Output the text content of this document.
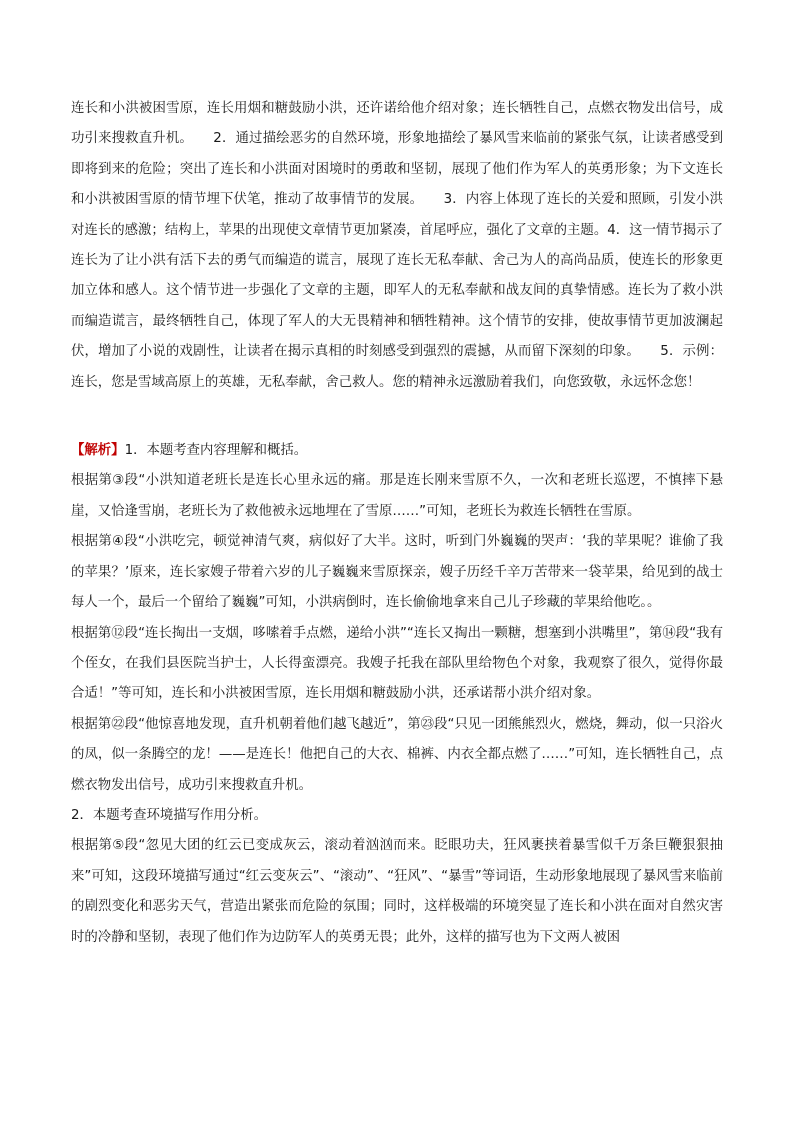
连长和小洪被困雪原，连长用烟和糖鼓励小洪，还许诺给他介绍对象；连长牺牲自己，点燃衣物发出信号，成功引来搜救直升机。　　2．通过描绘恶劣的自然环境，形象地描绘了暴风雪来临前的紧张气氛，让读者感受到即将到来的危险；突出了连长和小洪面对困境时的勇敢和坚韧，展现了他们作为军人的英勇形象；为下文连长和小洪被困雪原的情节埋下伏笔，推动了故事情节的发展。　　3．内容上体现了连长的关爱和照顾，引发小洪对连长的感激；结构上，苹果的出现使文章情节更加紧凑，首尾呼应，强化了文章的主题。4．这一情节揭示了连长为了让小洪有活下去的勇气而编造的谎言，展现了连长无私奉献、舍己为人的高尚品质，使连长的形象更加立体和感人。这个情节进一步强化了文章的主题，即军人的无私奉献和战友间的真挚情感。连长为了救小洪而编造谎言，最终牺牲自己，体现了军人的大无畏精神和牺牲精神。这个情节的安排，使故事情节更加波澜起伏，增加了小说的戏剧性，让读者在揭示真相的时刻感受到强烈的震撼，从而留下深刻的印象。　　5．示例：连长，您是雪域高原上的英雄，无私奉献，舍己救人。您的精神永远激励着我们，向您致敬，永远怀念您！

【解析】1．本题考查内容理解和概括。

根据第③段“小洪知道老班长是连长心里永远的痛。那是连长刚来雪原不久，一次和老班长巡逻，不慎摔下悬崖，又恰逢雪崩，老班长为了救他被永远地埋在了雪原……”可知，老班长为救连长牺牲在雪原。

根据第④段“小洪吃完，顿觉神清气爽，病似好了大半。这时，听到门外巍巍的哭声：‘我的苹果呢？谁偷了我的苹果？’原来，连长家嫂子带着六岁的儿子巍巍来雪原探亲，嫂子历经千辛万苦带来一袋苹果，给见到的战士每人一个，最后一个留给了巍巍”可知，小洪病倒时，连长偷偷地拿来自己儿子珍藏的苹果给他吃。。

根据第⑫段“连长掏出一支烟，哆嗦着手点燃，递给小洪”“连长又掏出一颗糖，想塞到小洪嘴里”，第⑭段“我有个侄女，在我们县医院当护士，人长得蛮漂亮。我嫂子托我在部队里给物色个对象，我观察了很久，觉得你最合适！”等可知，连长和小洪被困雪原，连长用烟和糖鼓励小洪，还承诺帮小洪介绍对象。

根据第㉒段“他惊喜地发现，直升机朝着他们越飞越近”，第㉓段“只见一团熊熊烈火，燃烧，舞动，似一只浴火的凤，似一条腾空的龙！——是连长！他把自己的大衣、棉裤、内衣全都点燃了……”可知，连长牺牲自己，点燃衣物发出信号，成功引来搜救直升机。

2．本题考查环境描写作用分析。

根据第⑤段“忽见大团的红云已变成灰云，滚动着汹汹而来。眨眼功夫，狂风裹挟着暴雪似千万条巨鞭狠狠抽来”可知，这段环境描写通过“红云变灰云”、“滚动”、“狂风”、“暴雪”等词语，生动形象地展现了暴风雪来临前的剧烈变化和恶劣天气，营造出紧张而危险的氛围；同时，这样极端的环境突显了连长和小洪在面对自然灾害时的冷静和坚韧，表现了他们作为边防军人的英勇无畏；此外，这样的描写也为下文两人被困
